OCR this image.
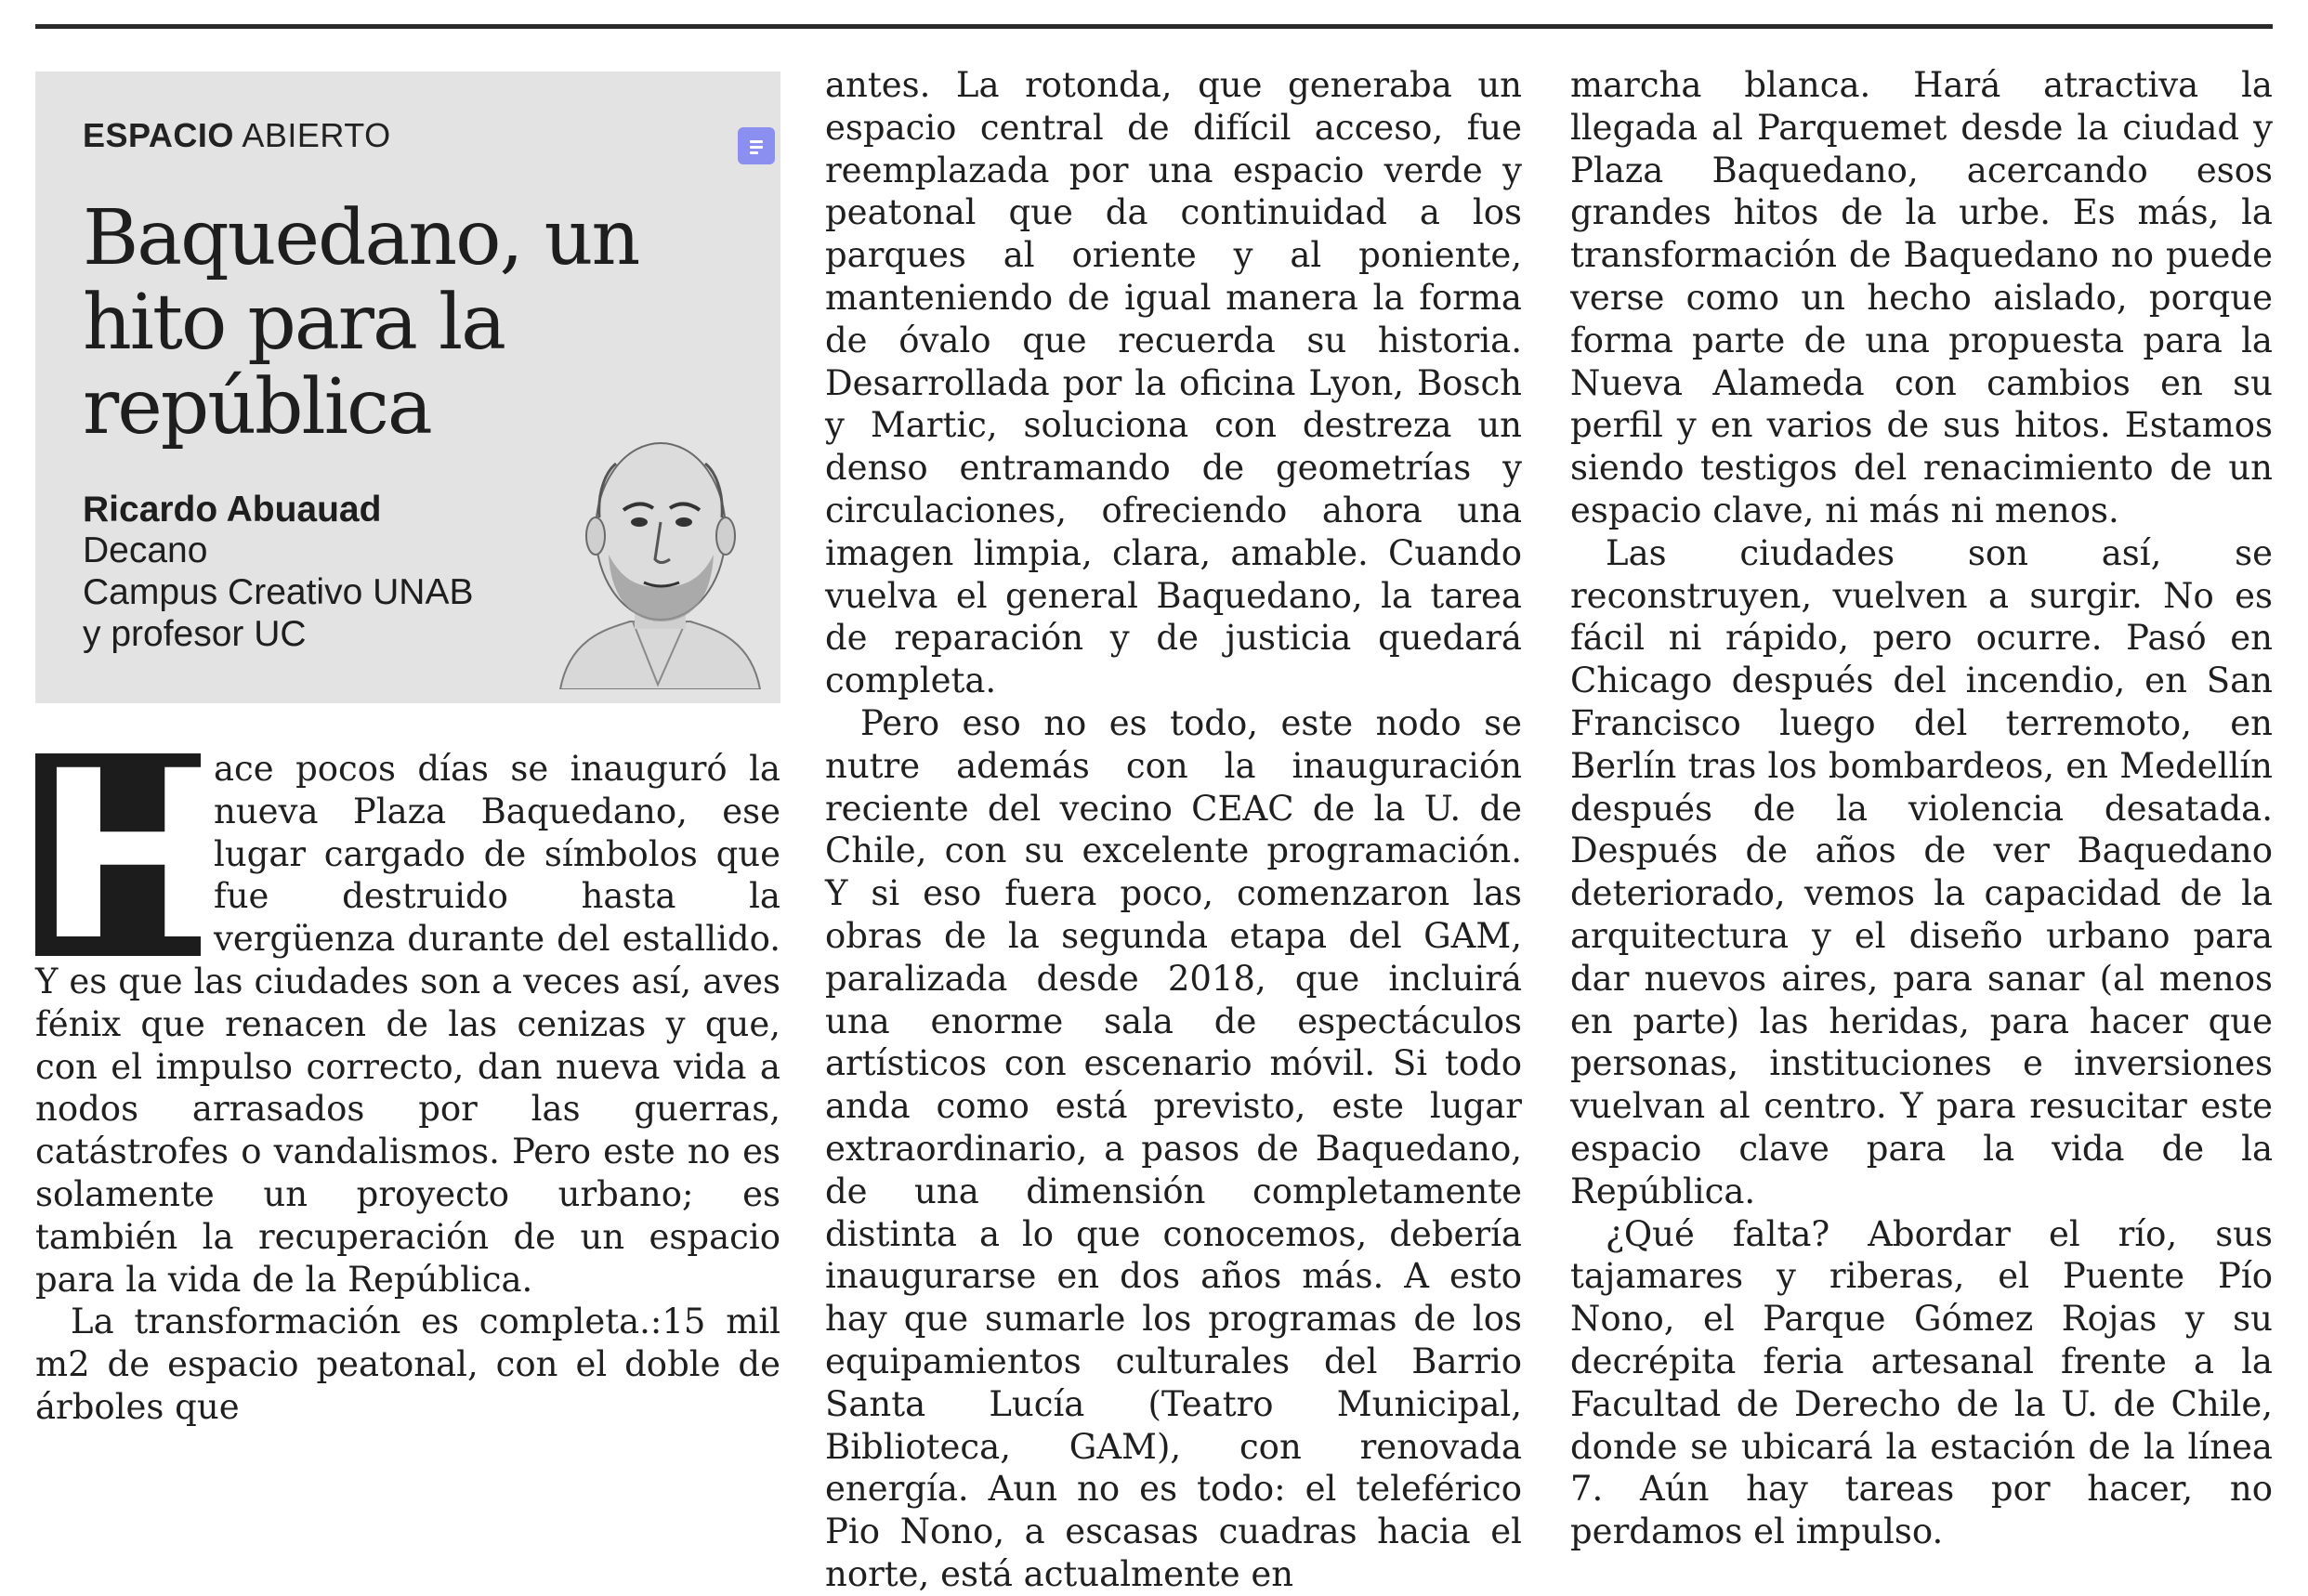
ESPACIO ABIERTO
Baquedano, un hito para la república
Ricardo Abuauad
Decano
Campus Creativo UNAB
y profesor UC

H
ace pocos días se inauguró la nueva Plaza Baquedano, ese lugar cargado de símbolos que fue destruido hasta la vergüenza durante del estallido. Y es que las ciudades son a veces así, aves fénix que renacen de las cenizas y que, con el impulso correcto, dan nueva vida a nodos arrasados por las guerras, catástrofes o vandalismos. Pero este no es solamente un proyecto urbano; es también la recuperación de un espacio para la vida de la República.

La transformación es completa.:15 mil m2 de espacio peatonal, con el doble de árboles que

antes. La rotonda, que generaba un espacio central de difícil acceso, fue reemplazada por una espacio verde y peatonal que da continuidad a los parques al oriente y al poniente, manteniendo de igual manera la forma de óvalo que recuerda su historia. Desarrollada por la oficina Lyon, Bosch y Martic, soluciona con destreza un denso entramando de geometrías y circulaciones, ofreciendo ahora una imagen limpia, clara, amable. Cuando vuelva el general Baquedano, la tarea de reparación y de justicia quedará completa.

Pero eso no es todo, este nodo se nutre además con la inauguración reciente del vecino CEAC de la U. de Chile, con su excelente programación. Y si eso fuera poco, comenzaron las obras de la segunda etapa del GAM, paralizada desde 2018, que incluirá una enorme sala de espectáculos artísticos con escenario móvil. Si todo anda como está previsto, este lugar extraordinario, a pasos de Baquedano, de una dimensión completamente distinta a lo que conocemos, debería inaugurarse en dos años más. A esto hay que sumarle los programas de los equipamientos culturales del Barrio Santa Lucía (Teatro Municipal, Biblioteca, GAM), con renovada energía. Aun no es todo: el teleférico Pio Nono, a escasas cuadras hacia el norte, está actualmente en

marcha blanca. Hará atractiva la llegada al Parquemet desde la ciudad y Plaza Baquedano, acercando esos grandes hitos de la urbe. Es más, la transformación de Baquedano no puede verse como un hecho aislado, porque forma parte de una propuesta para la Nueva Alameda con cambios en su perfil y en varios de sus hitos. Estamos siendo testigos del renacimiento de un espacio clave, ni más ni menos.

Las ciudades son así, se reconstruyen, vuelven a surgir. No es fácil ni rápido, pero ocurre. Pasó en Chicago después del incendio, en San Francisco luego del terremoto, en Berlín tras los bombardeos, en Medellín después de la violencia desatada. Después de años de ver Baquedano deteriorado, vemos la capacidad de la arquitectura y el diseño urbano para dar nuevos aires, para sanar (al menos en parte) las heridas, para hacer que personas, instituciones e inversiones vuelvan al centro. Y para resucitar este espacio clave para la vida de la República.

¿Qué falta? Abordar el río, sus tajamares y riberas, el Puente Pío Nono, el Parque Gómez Rojas y su decrépita feria artesanal frente a la Facultad de Derecho de la U. de Chile, donde se ubicará la estación de la línea 7. Aún hay tareas por hacer, no perdamos el impulso.
